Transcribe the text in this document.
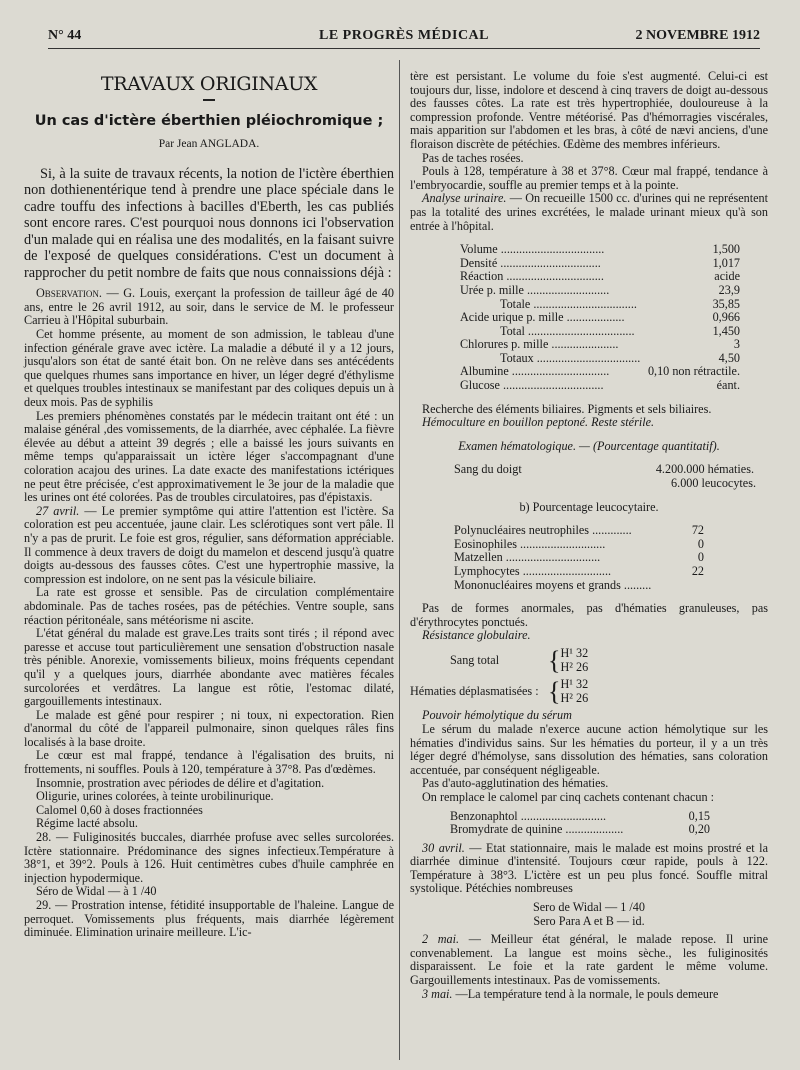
N° 44	LE PROGRÈS MÉDICAL	2 NOVEMBRE 1912

TRAVAUX ORIGINAUX

Un cas d'ictère éberthien pléiochromique ;

Par Jean ANGLADA.

Si, à la suite de travaux récents, la notion de l'ictère éberthien non dothienentérique tend à prendre une place spéciale dans le cadre touffu des infections à bacilles d'Eberth, les cas publiés sont encore rares. C'est pourquoi nous donnons ici l'observation d'un malade qui en réalisa une des modalités, en la faisant suivre de l'exposé de quelques considérations. C'est un document à rapprocher du petit nombre de faits que nous connaissions déjà :

Observation. — G. Louis, exerçant la profession de tailleur âgé de 40 ans, entre le 26 avril 1912, au soir, dans le service de M. le professeur Carrieu à l'Hôpital suburbain.

Cet homme présente, au moment de son admission, le tableau d'une infection générale grave avec ictère. La maladie a débuté il y a 12 jours, jusqu'alors son état de santé était bon. On ne relève dans ses antécédents que quelques rhumes sans importance en hiver, un léger degré d'éthylisme et quelques troubles intestinaux se manifestant par des coliques depuis un à deux mois. Pas de syphilis

Les premiers phénomènes constatés par le médecin traitant ont été : un malaise général ,des vomissements, de la diarrhée, avec céphalée. La fièvre élevée au début a atteint 39 degrés ; elle a baissé les jours suivants en même temps qu'apparaissait un ictère léger s'accompagnant d'une coloration acajou des urines. La date exacte des manifestations ictériques ne peut être précisée, c'est approximativement le 3e jour de la maladie que les urines ont été colorées. Pas de troubles circulatoires, pas d'épistaxis.

27 avril. — Le premier symptôme qui attire l'attention est l'ictère. Sa coloration est peu accentuée, jaune clair. Les sclérotiques sont vert pâle. Il n'y a pas de prurit. Le foie est gros, régulier, sans déformation appréciable. Il commence à deux travers de doigt du mamelon et descend jusqu'à quatre doigts au-dessous des fausses côtes. C'est une hypertrophie massive, la compression est indolore, on ne sent pas la vésicule biliaire.

La rate est grosse et sensible. Pas de circulation complémentaire abdominale. Pas de taches rosées, pas de pétéchies. Ventre souple, sans réaction péritonéale, sans météorisme ni ascite.

L'état général du malade est grave.Les traits sont tirés ; il répond avec paresse et accuse tout particulièrement une sensation d'obstruction nasale très pénible. Anorexie, vomissements bilieux, moins fréquents cependant qu'il y a quelques jours, diarrhée abondante avec matières fécales surcolorées et verdâtres. La langue est rôtie, l'estomac dilaté, gargouillements intestinaux.

Le malade est gêné pour respirer ; ni toux, ni expectoration. Rien d'anormal du côté de l'appareil pulmonaire, sinon quelques râles fins localisés à la base droite.

Le cœur est mal frappé, tendance à l'égalisation des bruits, ni frottements, ni souffles. Pouls à 120, température à 37°8. Pas d'œdèmes.

Insomnie, prostration avec périodes de délire et d'agitation.

Oligurie, urines colorées, à teinte urobilinurique.

Calomel 0,60 à doses fractionnées

Régime lacté absolu.

28. — Fuliginosités buccales, diarrhée profuse avec selles surcolorées. Ictère stationnaire. Prédominance des signes infectieux.Température à 38°1, et 39°2. Pouls à 126. Huit centimètres cubes d'huile camphrée en injection hypodermique.

Séro de Widal — à 1 /40

29. — Prostration intense, fétidité insupportable de l'haleine. Langue de perroquet. Vomissements plus fréquents, mais diarrhée légèrement diminuée. Elimination urinaire meilleure. L'ic-

tère est persistant. Le volume du foie s'est augmenté. Celui-ci est toujours dur, lisse, indolore et descend à cinq travers de doigt au-dessous des fausses côtes. La rate est très hypertrophiée, douloureuse à la compression profonde. Ventre météorisé. Pas d'hémorragies viscérales, mais apparition sur l'abdomen et les bras, à côté de nævi anciens, d'une floraison discrète de pétéchies. Œdème des membres inférieurs.

Pas de taches rosées.

Pouls à 128, température à 38 et 37°8. Cœur mal frappé, tendance à l'embryocardie, souffle au premier temps et à la pointe.

Analyse urinaire. — On recueille 1500 cc. d'urines qui ne représentent pas la totalité des urines excrétées, le malade urinant mieux qu'à son entrée à l'hôpital.

Volume ..................................	1,500
Densité .................................	1,017
Réaction ................................	acide
Urée p. mille ...........................	23,9
Totale ..................................	35,85
Acide urique p. mille ...................	0,966
Total ...................................	1,450
Chlorures p. mille ......................	3
Totaux ..................................	4,50
Albumine ................................	0,10 non rétractile.
Glucose .................................	éant.

Recherche des éléments biliaires. Pigments et sels biliaires.

Hémoculture en bouillon peptoné. Reste stérile.

Examen hématologique. — (Pourcentage quantitatif).

Sang du doigt	4.200.000 hématies.
6.000 leucocytes.

b) Pourcentage leucocytaire.

Polynucléaires neutrophiles .............	72
Eosinophiles ............................	0
Matzellen ...............................	0
Lymphocytes .............................	22
Mononucléaires moyens et grands .........

Pas de formes anormales, pas d'hématies granuleuses, pas d'érythrocytes ponctués.

Résistance globulaire.

Sang total	{ H¹ 32
H² 26
Hématies déplasmatisées : { H¹ 32
H² 26

Pouvoir hémolytique du sérum

Le sérum du malade n'exerce aucune action hémolytique sur les hématies d'individus sains. Sur les hématies du porteur, il y a un très léger degré d'hémolyse, sans dissolution des hématies, sans coloration accentuée, par conséquent négligeable.

Pas d'auto-agglutination des hématies.

On remplace le calomel par cinq cachets contenant chacun :

Benzonaphtol ............................	0,15
Bromydrate de quinine ...................	0,20

30 avril. — Etat stationnaire, mais le malade est moins prostré et la diarrhée diminue d'intensité. Toujours cœur rapide, pouls à 122. Température à 38°3. L'ictère est un peu plus foncé. Souffle mitral systolique. Pétéchies nombreuses

Sero de Widal — 1 /40

Sero Para A et B — id.

2 mai. — Meilleur état général, le malade repose. Il urine convenablement. La langue est moins sèche., les fuliginosités disparaissent. Le foie et la rate gardent le même volume. Gargouillements intestinaux. Pas de vomissements.

3 mai. —La température tend à la normale, le pouls demeure
